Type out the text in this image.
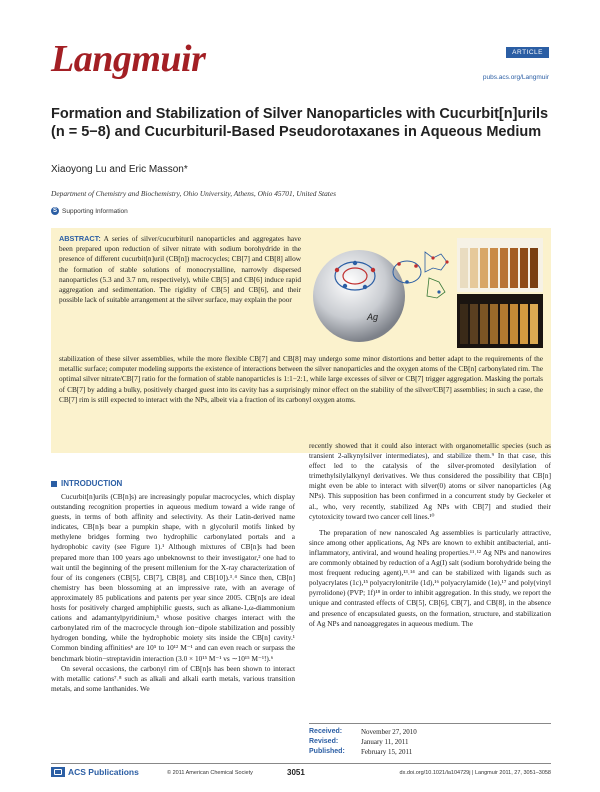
Langmuir	ARTICLE
pubs.acs.org/Langmuir
Formation and Stabilization of Silver Nanoparticles with Cucurbit[n]urils (n = 5−8) and Cucurbituril-Based Pseudorotaxanes in Aqueous Medium
Xiaoyong Lu and Eric Masson*
Department of Chemistry and Biochemistry, Ohio University, Athens, Ohio 45701, United States
S Supporting Information
ABSTRACT: A series of silver/cucurbituril nanoparticles and aggregates have been prepared upon reduction of silver nitrate with sodium borohydride in the presence of different cucurbit[n]uril (CB[n]) macrocycles; CB[7] and CB[8] allow the formation of stable solutions of monocrystalline, narrowly dispersed nanoparticles (5.3 and 3.7 nm, respectively), while CB[5] and CB[6] induce rapid aggregation and sedimentation. The rigidity of CB[5] and CB[6], and their possible lack of suitable arrangement at the silver surface, may explain the poor
Ag
stabilization of these silver assemblies, while the more flexible CB[7] and CB[8] may undergo some minor distortions and better adapt to the requirements of the metallic surface; computer modeling supports the existence of interactions between the silver nanoparticles and the oxygen atoms of the CB[n] carbonylated rim. The optimal silver nitrate/CB[7] ratio for the formation of stable nanoparticles is 1:1−2:1, while large excesses of silver or CB[7] trigger aggregation. Masking the portals of CB[7] by adding a bulky, positively charged guest into its cavity has a surprisingly minor effect on the stability of the silver/CB[7] assemblies; in such a case, the CB[7] rim is still expected to interact with the NPs, albeit via a fraction of its carbonyl oxygen atoms.
INTRODUCTION

Cucurbit[n]urils (CB[n]s) are increasingly popular macrocycles, which display outstanding recognition properties in aqueous medium toward a wide range of guests, in terms of both affinity and selectivity. As their Latin-derived name indicates, CB[n]s bear a pumpkin shape, with n glycoluril motifs linked by methylene bridges forming two hydrophilic carbonylated portals and a hydrophobic cavity (see Figure 1).¹ Although mixtures of CB[n]s had been prepared more than 100 years ago unbeknownst to their investigator,² one had to wait until the beginning of the present millenium for the X-ray characterization of four of its congeners (CB[5], CB[7], CB[8], and CB[10]).³˒⁴ Since then, CB[n] chemistry has been blossoming at an impressive rate, with an average of approximately 85 publications and patents per year since 2005. CB[n]s are ideal hosts for positively charged amphiphilic guests, such as alkane-1,ω-diammonium cations and adamantylpyridinium,⁵ whose positive charges interact with the carbonylated rim of the macrocycle through ion−dipole stabilization and possibly hydrogen bonding, while the hydrophobic moiety sits inside the CB[n] cavity.¹ Common binding affinities⁶ are 10⁵ to 10¹² M⁻¹ and can even reach or surpass the benchmark biotin−streptavidin interaction (3.0 × 10¹⁵ M⁻¹ vs ∼10¹⁵ M⁻¹!).⁶

On several occasions, the carbonyl rim of CB[n]s has been shown to interact with metallic cations⁷˒⁸ such as alkali and alkali earth metals, various transition metals, and some lanthanides. We

recently showed that it could also interact with organometallic species (such as transient 2-alkynylsilver intermediates), and stabilize them.⁹ In that case, this effect led to the catalysis of the silver-promoted desilylation of trimethylsilylalkynyl derivatives. We thus considered the possibility that CB[n] might even be able to interact with silver(0) atoms or silver nanoparticles (Ag NPs). This supposition has been confirmed in a concurrent study by Geckeler et al., who, very recently, stabilized Ag NPs with CB[7] and studied their cytotoxicity toward two cancer cell lines.¹⁰

The preparation of new nanoscaled Ag assemblies is particularly attractive, since among other applications, Ag NPs are known to exhibit antibacterial, anti-inflammatory, antiviral, and wound healing properties.¹¹˒¹² Ag NPs and nanowires are commonly obtained by reduction of a Ag(I) salt (sodium borohydride being the most frequent reducing agent),¹³˒¹⁴ and can be stabilized with ligands such as polyacrylates (1c),¹⁵ polyacrylonitrile (1d),¹⁶ polyacrylamide (1e),¹⁷ and poly(vinyl pyrrolidone) (PVP; 1f)¹⁸ in order to inhibit aggregation. In this study, we report the unique and contrasted effects of CB[5], CB[6], CB[7], and CB[8], in the absence and presence of encapsulated guests, on the formation, structure, and stabilization of Ag NPs and nanoaggregates in aqueous medium. The

Received:	November 27, 2010
Revised:	January 11, 2011
Published:	February 15, 2011
ACS Publications	© 2011 American Chemical Society	3051	dx.doi.org/10.1021/la104729j | Langmuir 2011, 27, 3051–3058
